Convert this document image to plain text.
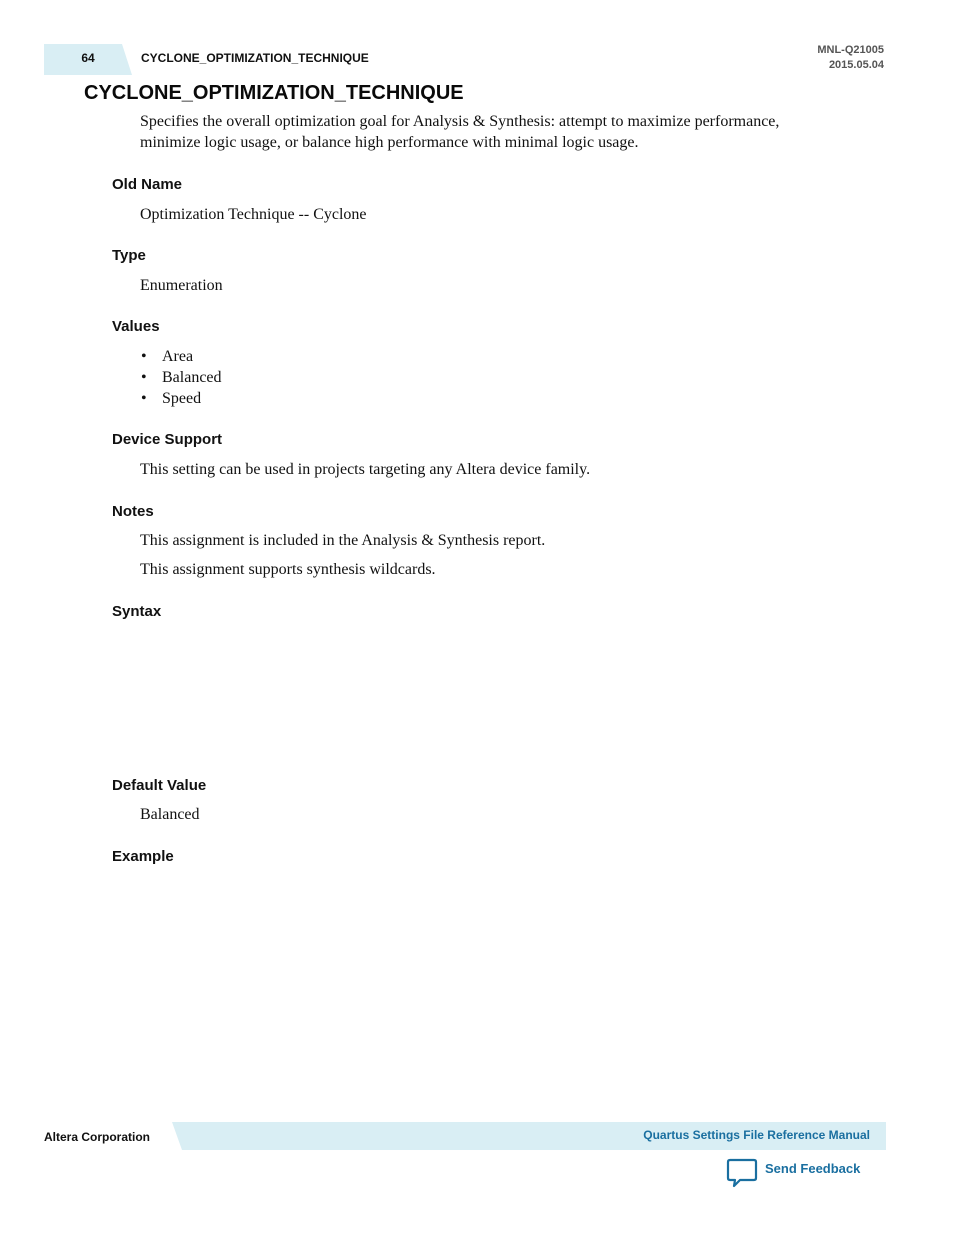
64	CYCLONE_OPTIMIZATION_TECHNIQUE
MNL-Q21005
2015.05.04
CYCLONE_OPTIMIZATION_TECHNIQUE
Specifies the overall optimization goal for Analysis & Synthesis: attempt to maximize performance, minimize logic usage, or balance high performance with minimal logic usage.
Old Name
Optimization Technique -- Cyclone
Type
Enumeration
Values
• Area
• Balanced
• Speed
Device Support
This setting can be used in projects targeting any Altera device family.
Notes
This assignment is included in the Analysis & Synthesis report.
This assignment supports synthesis wildcards.
Syntax
Default Value
Balanced
Example
Altera Corporation	Quartus Settings File Reference Manual
Send Feedback
